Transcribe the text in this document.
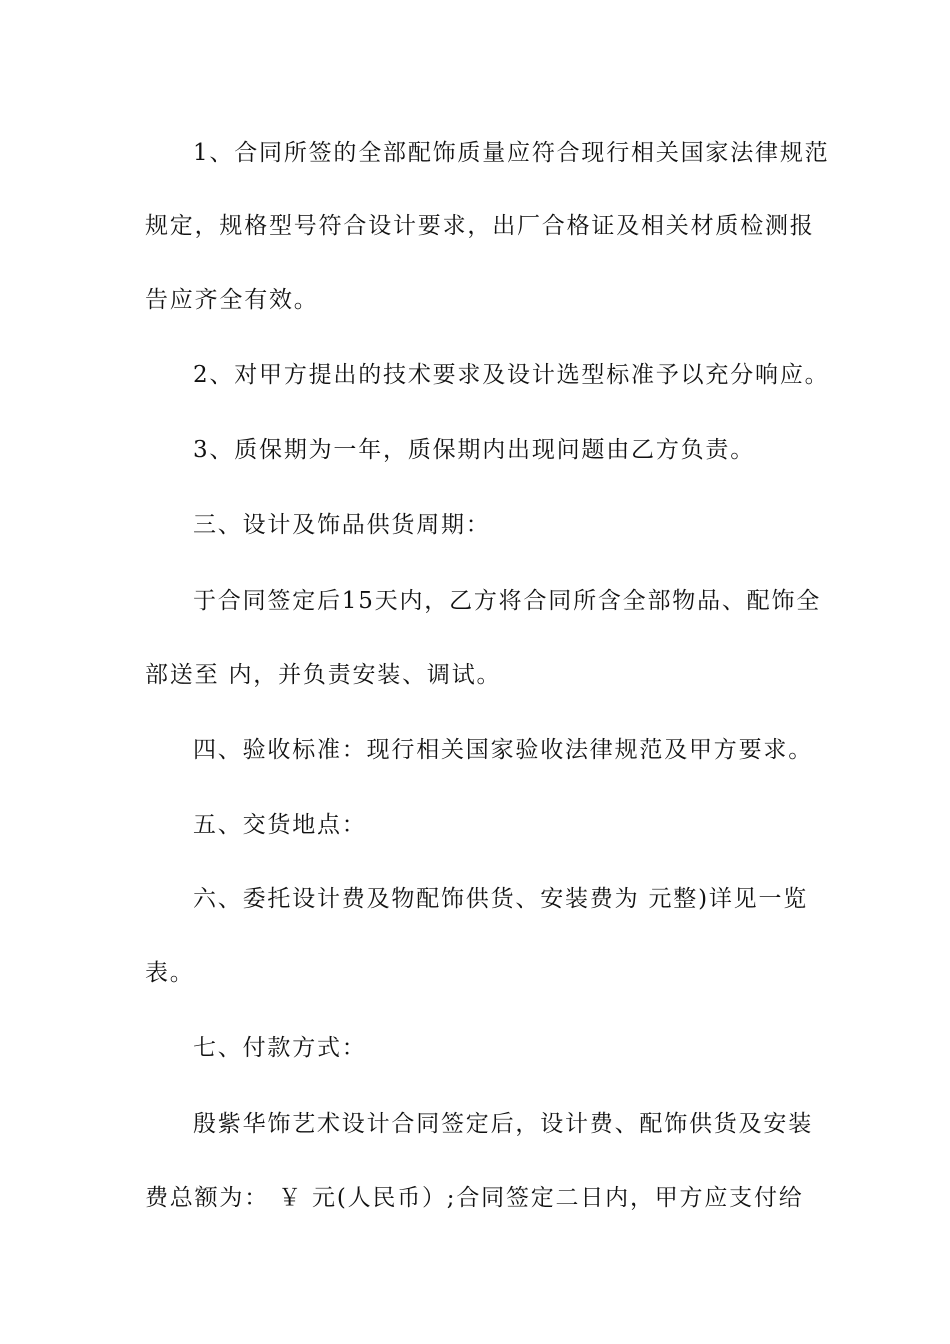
1、合同所签的全部配饰质量应符合现行相关国家法律规范
规定，规格型号符合设计要求，出厂合格证及相关材质检测报
告应齐全有效。
2、对甲方提出的技术要求及设计选型标准予以充分响应。
3、质保期为一年，质保期内出现问题由乙方负责。
三、设计及饰品供货周期：
于合同签定后15天内，乙方将合同所含全部物品、配饰全
部送至 内，并负责安装、调试。
四、验收标准：现行相关国家验收法律规范及甲方要求。
五、交货地点：
六、委托设计费及物配饰供货、安装费为 元整)详见一览
表。
七、付款方式：
殷紫华饰艺术设计合同签定后，设计费、配饰供货及安装
费总额为： ￥ 元(人民币）;合同签定二日内，甲方应支付给
